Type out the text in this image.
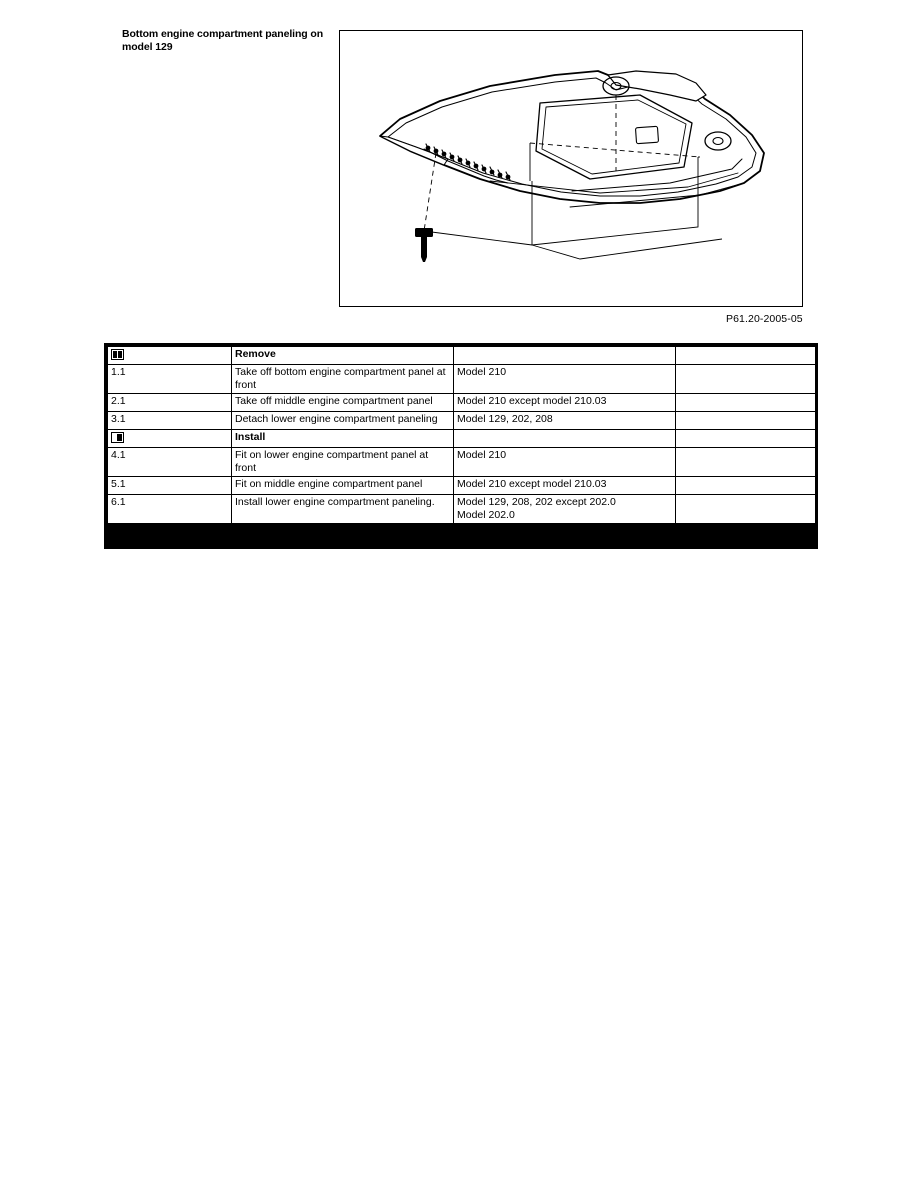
Bottom engine compartment paneling on model 129
P61.20-2005-05
	Remove		
1.1	Take off bottom engine compartment panel at front	Model 210	
2.1	Take off middle engine compartment panel	Model 210 except model 210.03	
3.1	Detach lower engine compartment paneling	Model 129, 202, 208	
	Install		
4.1	Fit on lower engine compartment panel at front	Model 210	
5.1	Fit on middle engine compartment panel	Model 210 except model 210.03	
6.1	Install lower engine compartment paneling.	Model 129, 208, 202 except 202.0
Model 202.0	
